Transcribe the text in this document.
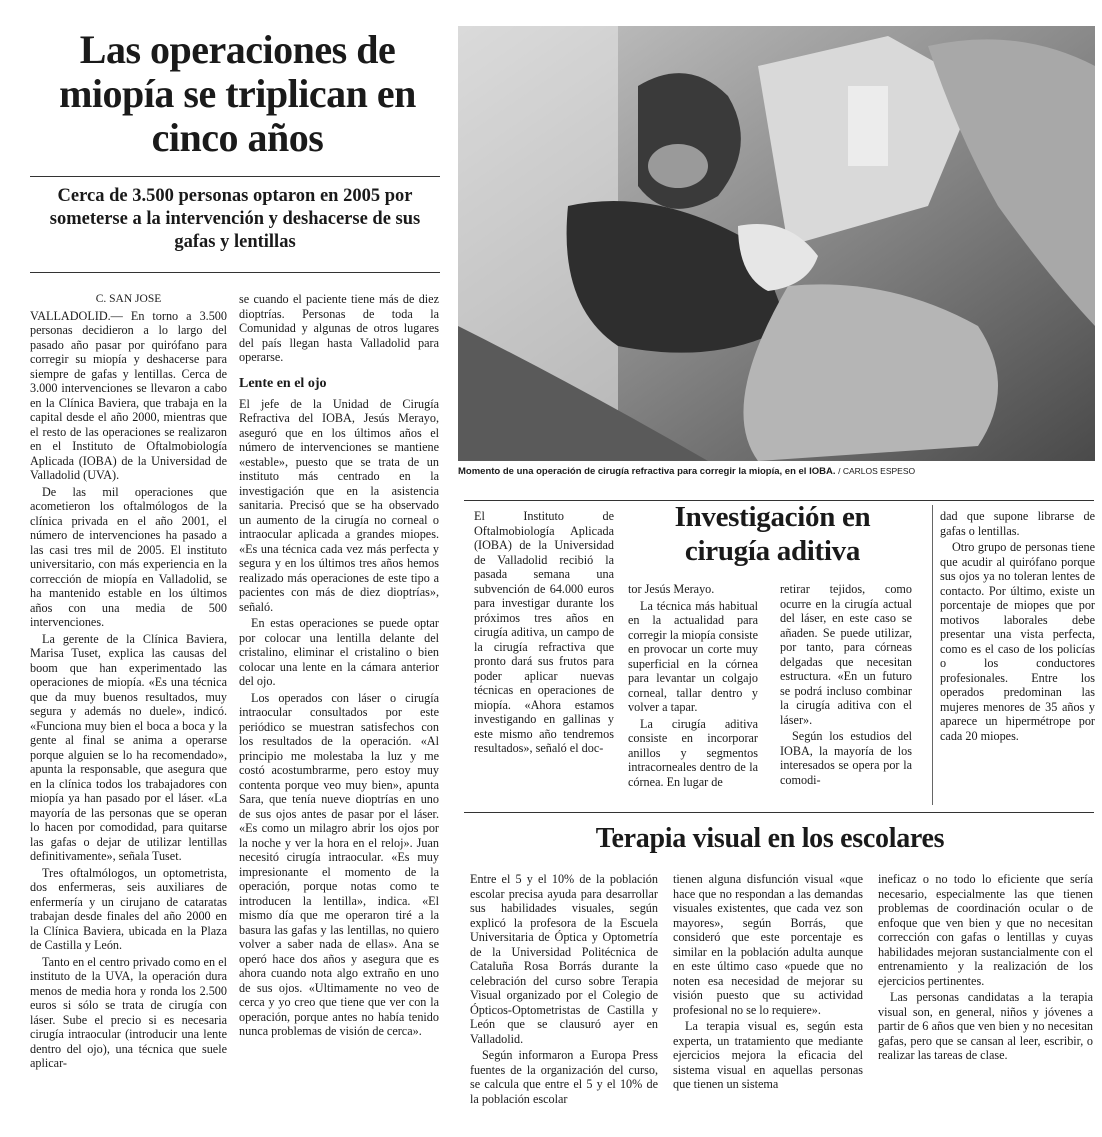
Las operaciones de miopía se triplican en cinco años
Cerca de 3.500 personas optaron en 2005 por someterse a la intervención y deshacerse de sus gafas y lentillas

C. SAN JOSE

VALLADOLID.— En torno a 3.500 personas decidieron a lo largo del pasado año pasar por quirófano para corregir su miopía y deshacerse para siempre de gafas y lentillas. Cerca de 3.000 intervenciones se llevaron a cabo en la Clínica Baviera, que trabaja en la capital desde el año 2000, mientras que el resto de las operaciones se realizaron en el Instituto de Oftalmobiología Aplicada (IOBA) de la Universidad de Valladolid (UVA).

De las mil operaciones que acometieron los oftalmólogos de la clínica privada en el año 2001, el número de intervenciones ha pasado a las casi tres mil de 2005. El instituto universitario, con más experiencia en la corrección de miopía en Valladolid, se ha mantenido estable en los últimos años con una media de 500 intervenciones.

La gerente de la Clínica Baviera, Marisa Tuset, explica las causas del boom que han experimentado las operaciones de miopía. «Es una técnica que da muy buenos resultados, muy segura y además no duele», indicó. «Funciona muy bien el boca a boca y la gente al final se anima a operarse porque alguien se lo ha recomendado», apunta la responsable, que asegura que en la clínica todos los trabajadores con miopía ya han pasado por el láser. «La mayoría de las personas que se operan lo hacen por comodidad, para quitarse las gafas o dejar de utilizar lentillas definitivamente», señala Tuset.

Tres oftalmólogos, un optometrista, dos enfermeras, seis auxiliares de enfermería y un cirujano de cataratas trabajan desde finales del año 2000 en la Clínica Baviera, ubicada en la Plaza de Castilla y León.

Tanto en el centro privado como en el instituto de la UVA, la operación dura menos de media hora y ronda los 2.500 euros si sólo se trata de cirugía con láser. Sube el precio si es necesaria cirugía intraocular (introducir una lente dentro del ojo), una técnica que suele aplicar-

se cuando el paciente tiene más de diez dioptrías. Personas de toda la Comunidad y algunas de otros lugares del país llegan hasta Valladolid para operarse.

Lente en el ojo

El jefe de la Unidad de Cirugía Refractiva del IOBA, Jesús Merayo, aseguró que en los últimos años el número de intervenciones se mantiene «estable», puesto que se trata de un instituto más centrado en la investigación que en la asistencia sanitaria. Precisó que se ha observado un aumento de la cirugía no corneal o intraocular aplicada a grandes miopes. «Es una técnica cada vez más perfecta y segura y en los últimos tres años hemos realizado más operaciones de este tipo a pacientes con más de diez dioptrías», señaló.

En estas operaciones se puede optar por colocar una lentilla delante del cristalino, eliminar el cristalino o bien colocar una lente en la cámara anterior del ojo.

Los operados con láser o cirugía intraocular consultados por este periódico se muestran satisfechos con los resultados de la operación. «Al principio me molestaba la luz y me costó acostumbrarme, pero estoy muy contenta porque veo muy bien», apunta Sara, que tenía nueve dioptrías en uno de sus ojos antes de pasar por el láser. «Es como un milagro abrir los ojos por la noche y ver la hora en el reloj». Juan necesitó cirugía intraocular. «Es muy impresionante el momento de la operación, porque notas como te introducen la lentilla», indica. «El mismo día que me operaron tiré a la basura las gafas y las lentillas, no quiero volver a saber nada de ellas». Ana se operó hace dos años y asegura que es ahora cuando nota algo extraño en uno de sus ojos. «Ultimamente no veo de cerca y yo creo que tiene que ver con la operación, porque antes no había tenido nunca problemas de visión de cerca».

Momento de una operación de cirugía refractiva para corregir la miopía, en el IOBA. / CARLOS ESPESO

El Instituto de Oftalmobiología Aplicada (IOBA) de la Universidad de Valladolid recibió la pasada semana una subvención de 64.000 euros para investigar durante los próximos tres años en cirugía aditiva, un campo de la cirugía refractiva que pronto dará sus frutos para poder aplicar nuevas técnicas en operaciones de miopía. «Ahora estamos investigando en gallinas y este mismo año tendremos resultados», señaló el doc-

Investigación en cirugía aditiva

tor Jesús Merayo.

La técnica más habitual en la actualidad para corregir la miopía consiste en provocar un corte muy superficial en la córnea para levantar un colgajo corneal, tallar dentro y volver a tapar.

La cirugía aditiva consiste en incorporar anillos y segmentos intracorneales dentro de la córnea. En lugar de

retirar tejidos, como ocurre en la cirugía actual del láser, en este caso se añaden. Se puede utilizar, por tanto, para córneas delgadas que necesitan estructura. «En un futuro se podrá incluso combinar la cirugía aditiva con el láser».

Según los estudios del IOBA, la mayoría de los interesados se opera por la comodi-

dad que supone librarse de gafas o lentillas.

Otro grupo de personas tiene que acudir al quirófano porque sus ojos ya no toleran lentes de contacto. Por último, existe un porcentaje de miopes que por motivos laborales debe presentar una vista perfecta, como es el caso de los policías o los conductores profesionales. Entre los operados predominan las mujeres menores de 35 años y aparece un hipermétrope por cada 20 miopes.

Terapia visual en los escolares

Entre el 5 y el 10% de la población escolar precisa ayuda para desarrollar sus habilidades visuales, según explicó la profesora de la Escuela Universitaria de Óptica y Optometría de la Universidad Politécnica de Cataluña Rosa Borrás durante la celebración del curso sobre Terapia Visual organizado por el Colegio de Ópticos-Optometristas de Castilla y León que se clausuró ayer en Valladolid.

Según informaron a Europa Press fuentes de la organización del curso, se calcula que entre el 5 y el 10% de la población escolar

tienen alguna disfunción visual «que hace que no respondan a las demandas visuales existentes, que cada vez son mayores», según Borrás, que consideró que este porcentaje es similar en la población adulta aunque en este último caso «puede que no noten esa necesidad de mejorar su visión puesto que su actividad profesional no se lo requiere».

La terapia visual es, según esta experta, un tratamiento que mediante ejercicios mejora la eficacia del sistema visual en aquellas personas que tienen un sistema

ineficaz o no todo lo eficiente que sería necesario, especialmente las que tienen problemas de coordinación ocular o de enfoque que ven bien y que no necesitan corrección con gafas o lentillas y cuyas habilidades mejoran sustancialmente con el entrenamiento y la realización de los ejercicios pertinentes.

Las personas candidatas a la terapia visual son, en general, niños y jóvenes a partir de 6 años que ven bien y no necesitan gafas, pero que se cansan al leer, escribir, o realizar las tareas de clase.
